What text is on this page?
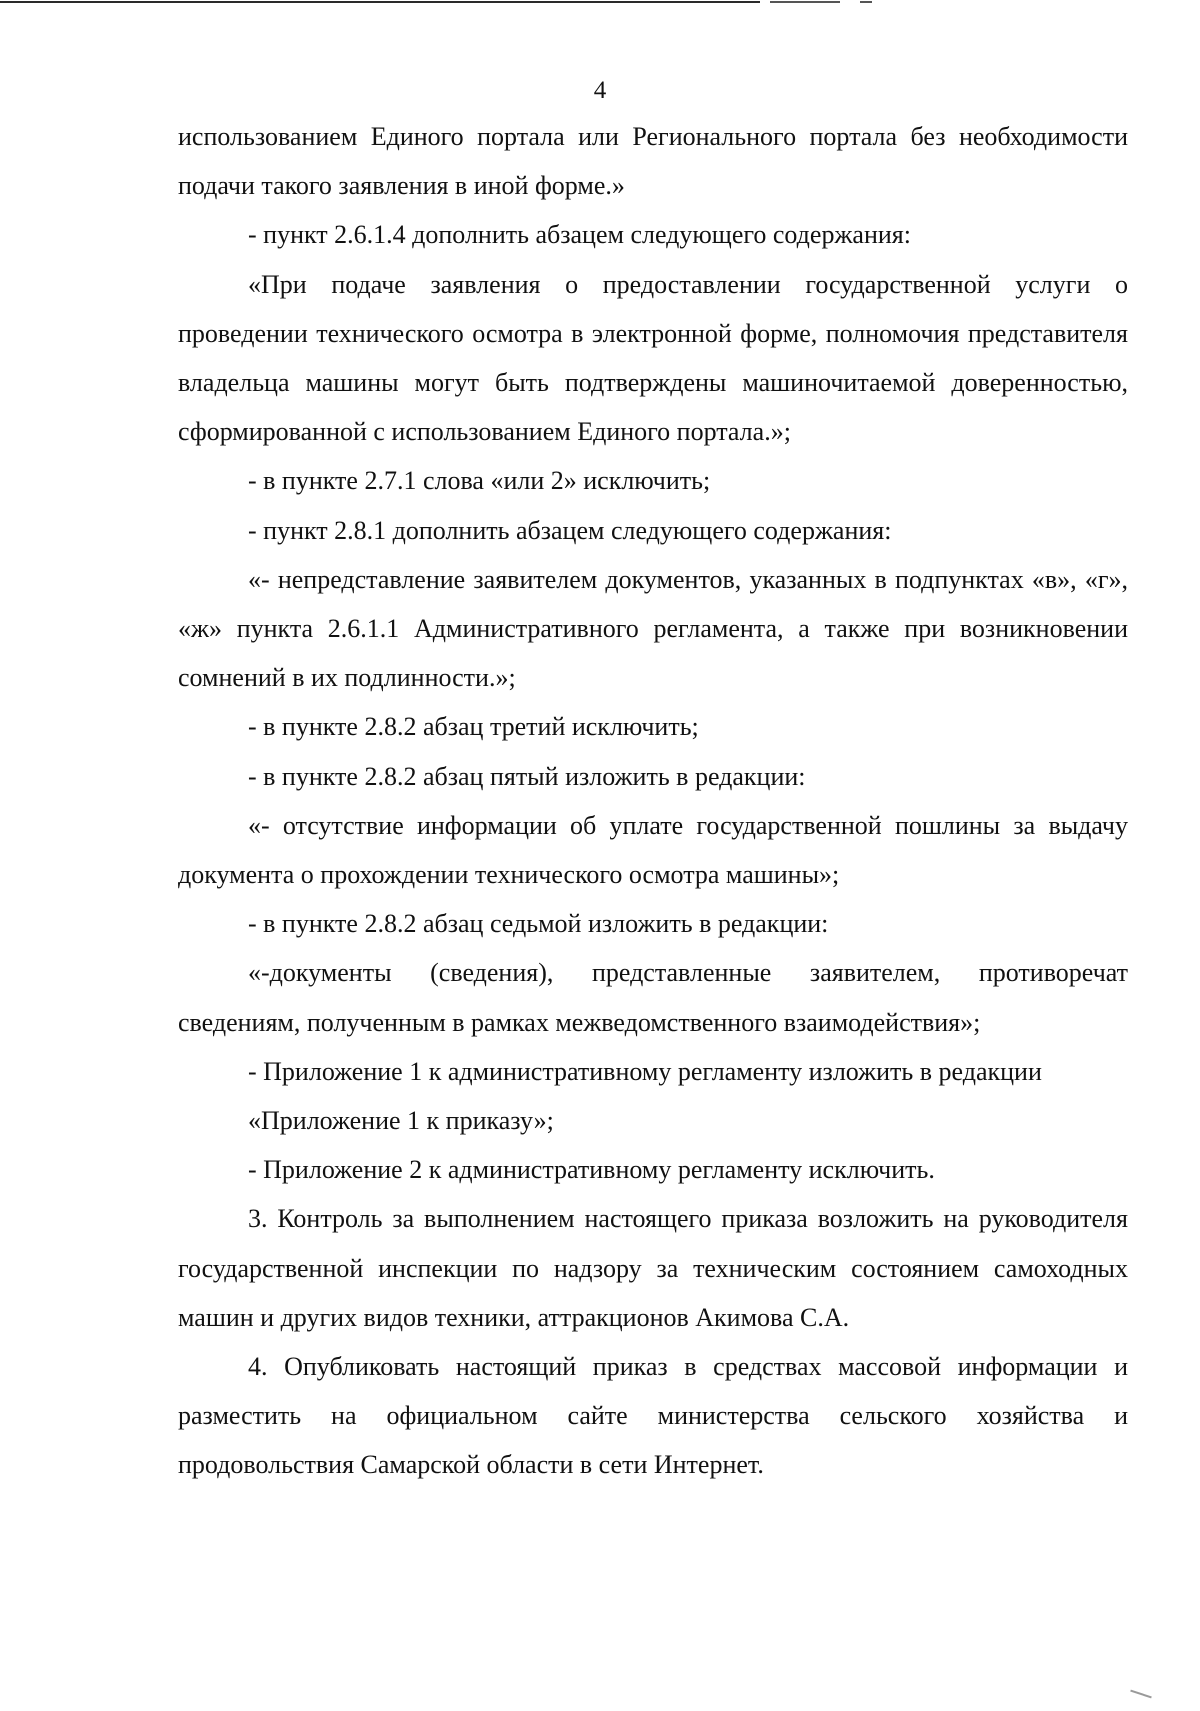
4

использованием Единого портала или Регионального портала без необходимости подачи такого заявления в иной форме.»

- пункт 2.6.1.4 дополнить абзацем следующего содержания:

«При подаче заявления о предоставлении государственной услуги о проведении технического осмотра в электронной форме, полномочия представителя владельца машины могут быть подтверждены машиночитаемой доверенностью, сформированной с использованием Единого портала.»;

- в пункте 2.7.1 слова «или 2» исключить;

- пункт 2.8.1 дополнить абзацем следующего содержания:

«- непредставление заявителем документов, указанных в подпунктах «в», «г», «ж» пункта 2.6.1.1 Административного регламента, а также при возникновении сомнений в их подлинности.»;

- в пункте 2.8.2 абзац третий исключить;

- в пункте 2.8.2 абзац пятый изложить в редакции:

«- отсутствие информации об уплате государственной пошлины за выдачу документа о прохождении технического осмотра машины»;

- в пункте 2.8.2 абзац седьмой изложить в редакции:

«-документы (сведения), представленные заявителем, противоречат сведениям, полученным в рамках межведомственного взаимодействия»;

- Приложение 1 к административному регламенту изложить в редакции

«Приложение 1 к приказу»;

- Приложение 2 к административному регламенту исключить.

3. Контроль за выполнением настоящего приказа возложить на руководителя государственной инспекции по надзору за техническим состоянием самоходных машин и других видов техники, аттракционов Акимова С.А.

4. Опубликовать настоящий приказ в средствах массовой информации и разместить на официальном сайте министерства сельского хозяйства и продовольствия Самарской области в сети Интернет.
